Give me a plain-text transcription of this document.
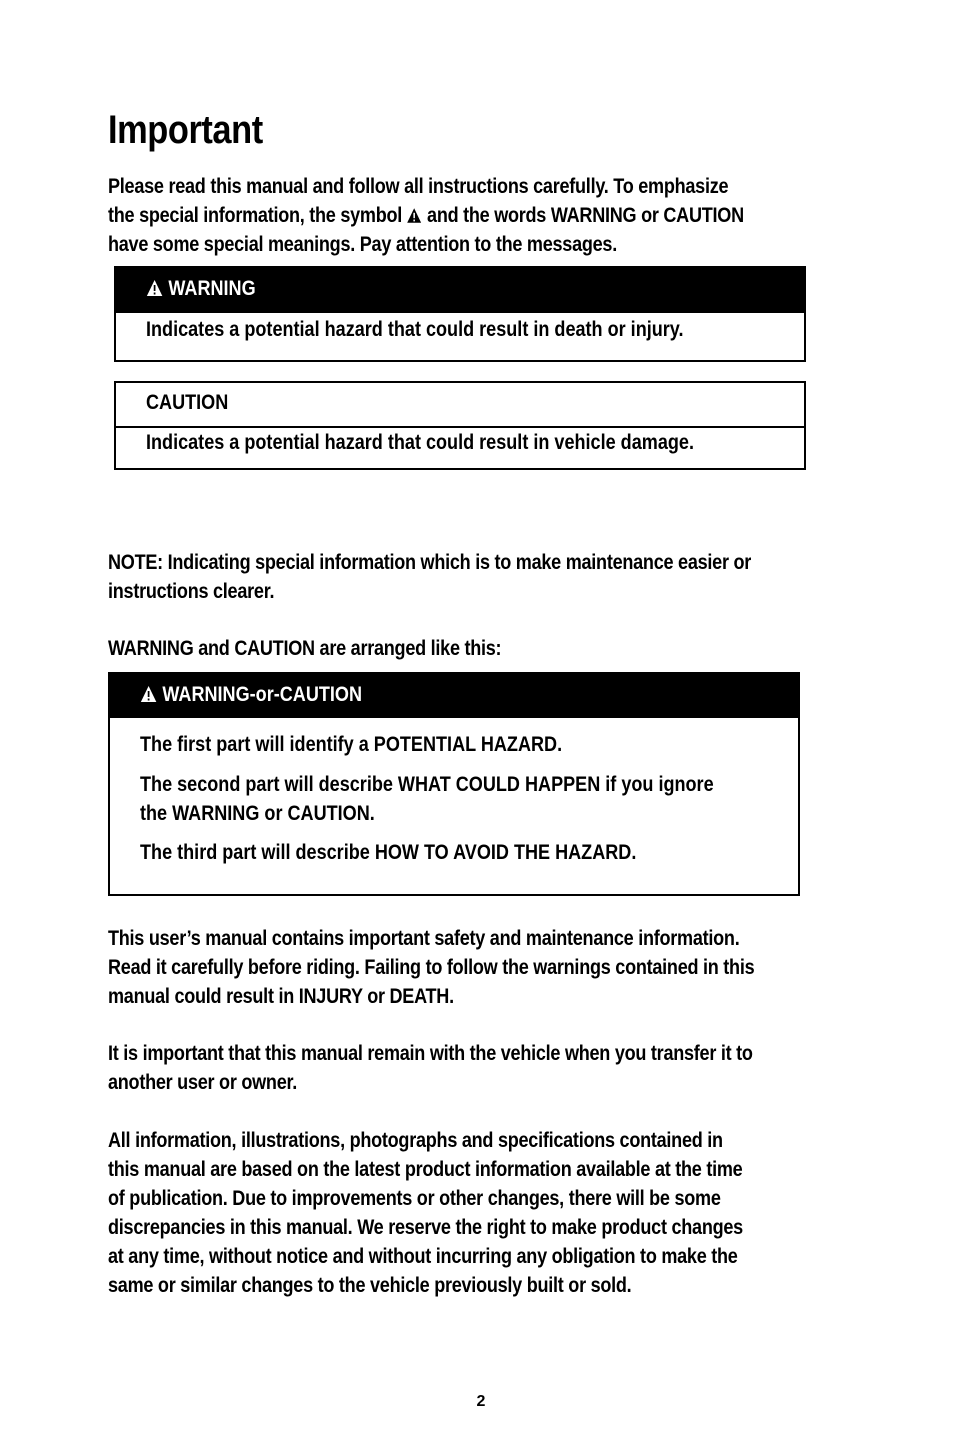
Important
Please read this manual and follow all instructions carefully. To emphasize
the special information, the symbol  and the words WARNING or CAUTION
have some special meanings. Pay attention to the messages.
WARNING
Indicates a potential hazard that could result in death or injury.
CAUTION
Indicates a potential hazard that could result in vehicle damage.
NOTE: Indicating special information which is to make maintenance easier or
instructions clearer.
WARNING and CAUTION are arranged like this:
WARNING-or-CAUTION
The first part will identify a POTENTIAL HAZARD.
The second part will describe WHAT COULD HAPPEN if you ignore
the WARNING or CAUTION.
The third part will describe HOW TO AVOID THE HAZARD.
This user’s manual contains important safety and maintenance information.
Read it carefully before riding. Failing to follow the warnings contained in this
manual could result in INJURY or DEATH.
It is important that this manual remain with the vehicle when you transfer it to
another user or owner.
All information, illustrations, photographs and specifications contained in
this manual are based on the latest product information available at the time
of publication. Due to improvements or other changes, there will be some
discrepancies in this manual. We reserve the right to make product changes
at any time, without notice and without incurring any obligation to make the
same or similar changes to the vehicle previously built or sold.
2
